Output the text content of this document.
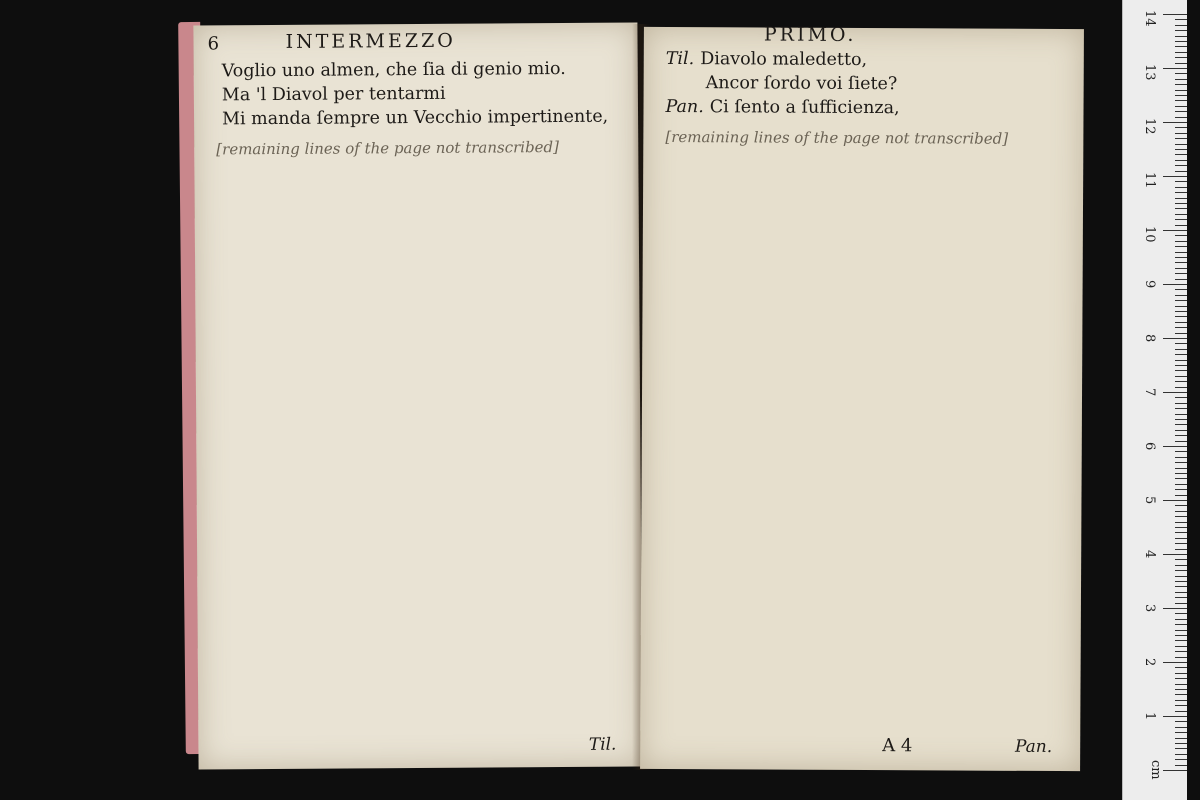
6	INTERMEZZO
Voglio uno almen, che ſia di genio mio.
Ma 'l Diavol per tentarmi
Mi manda ſempre un Vecchio impertinente,
[remaining lines of the page not transcribed]
Til.
PRIMO.
Til. Diavolo maledetto,
Ancor ſordo voi ſiete?
Pan. Ci ſento a ſufficienza,
[remaining lines of the page not transcribed]
A 4	Pan.
cm
1
2
3
4
5
6
7
8
9
10
11
12
13
14
